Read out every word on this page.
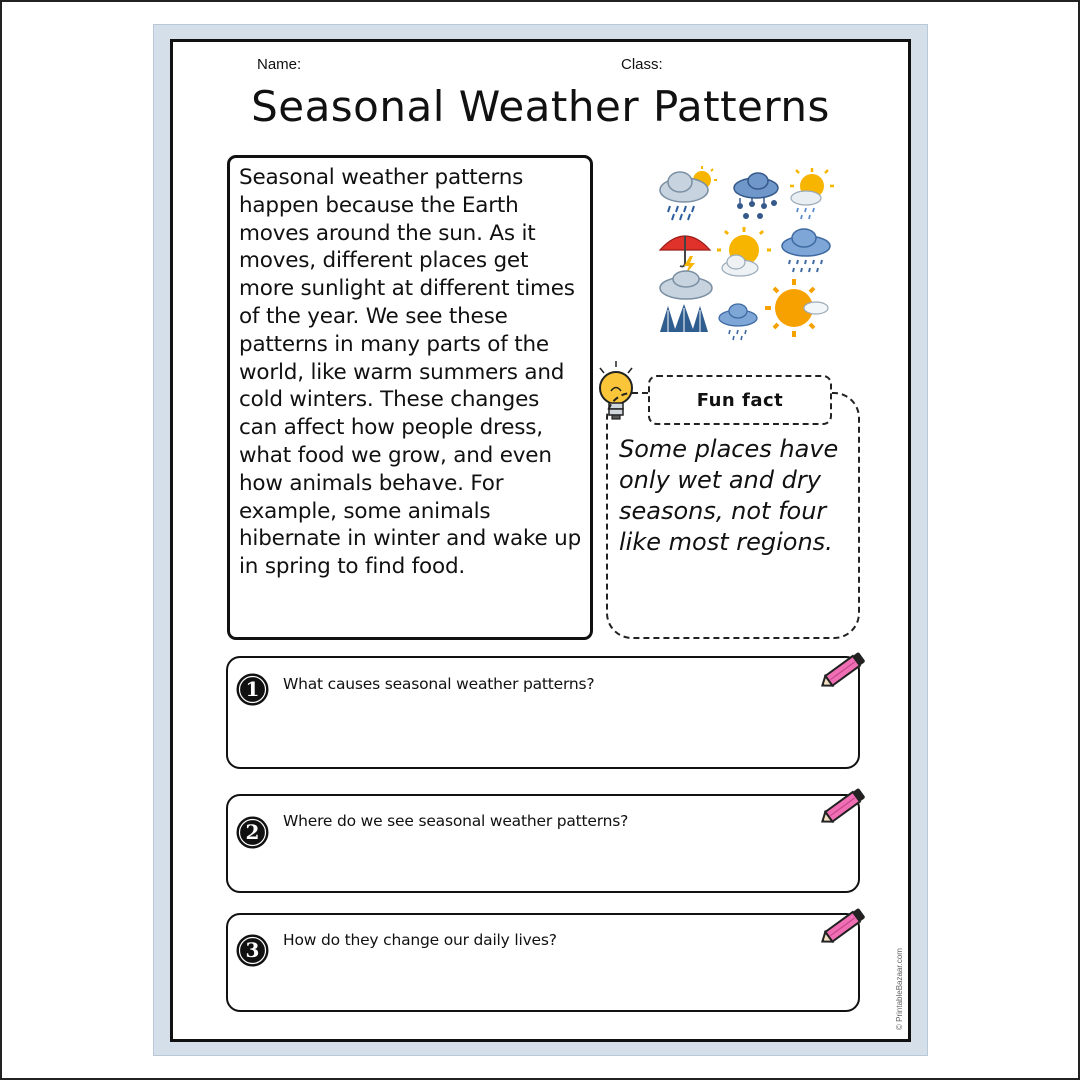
Name:	Class:
Seasonal Weather Patterns

Seasonal weather patterns happen because the Earth moves around the sun. As it moves, different places get more sunlight at different times of the year. We see these patterns in many parts of the world, like warm summers and cold winters. These changes can affect how people dress, what food we grow, and even how animals behave. For example, some animals hibernate in winter and wake up in spring to find food.

Fun fact

Some places have only wet and dry seasons, not four like most regions.

1 What causes seasonal weather patterns?
2 Where do we see seasonal weather patterns?
3 How do they change our daily lives?
© PrintableBazaar.com
